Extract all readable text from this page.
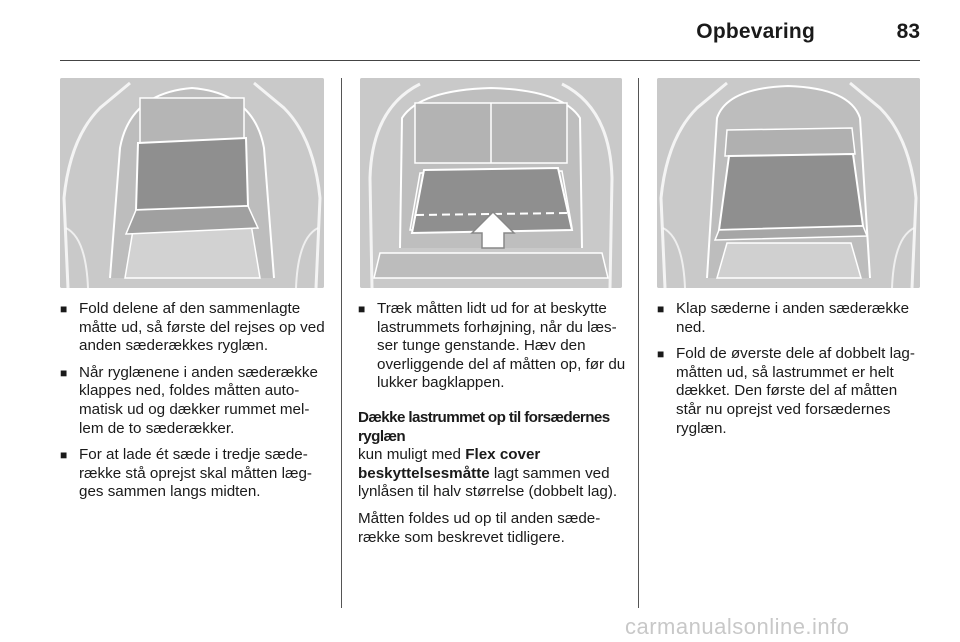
Opbevaring	83
■ Fold delene af den sammenlagte måtte ud, så første del rejses op ved anden sæderækkes ryglæn.
■ Når ryglænene i anden sæderække klappes ned, foldes måtten auto- matisk ud og dækker rummet mel- lem de to sæderækker.
■ For at lade ét sæde i tredje sæde- række stå oprejst skal måtten læg- ges sammen langs midten.
■ Træk måtten lidt ud for at beskytte lastrummets forhøjning, når du læs- ser tunge genstande. Hæv den overliggende del af måtten op, før du lukker bagklappen.
Dække lastrummet op til forsædernes ryglæn
kun muligt med Flex cover beskyttelsesmåtte lagt sammen ved lynlåsen til halv størrelse (dobbelt lag).
Måtten foldes ud op til anden sæde- række som beskrevet tidligere.
■ Klap sæderne i anden sæderække ned.
■ Fold de øverste dele af dobbelt lag- måtten ud, så lastrummet er helt dækket. Den første del af måtten står nu oprejst ved forsædernes ryglæn.
carmanualsonline.info
